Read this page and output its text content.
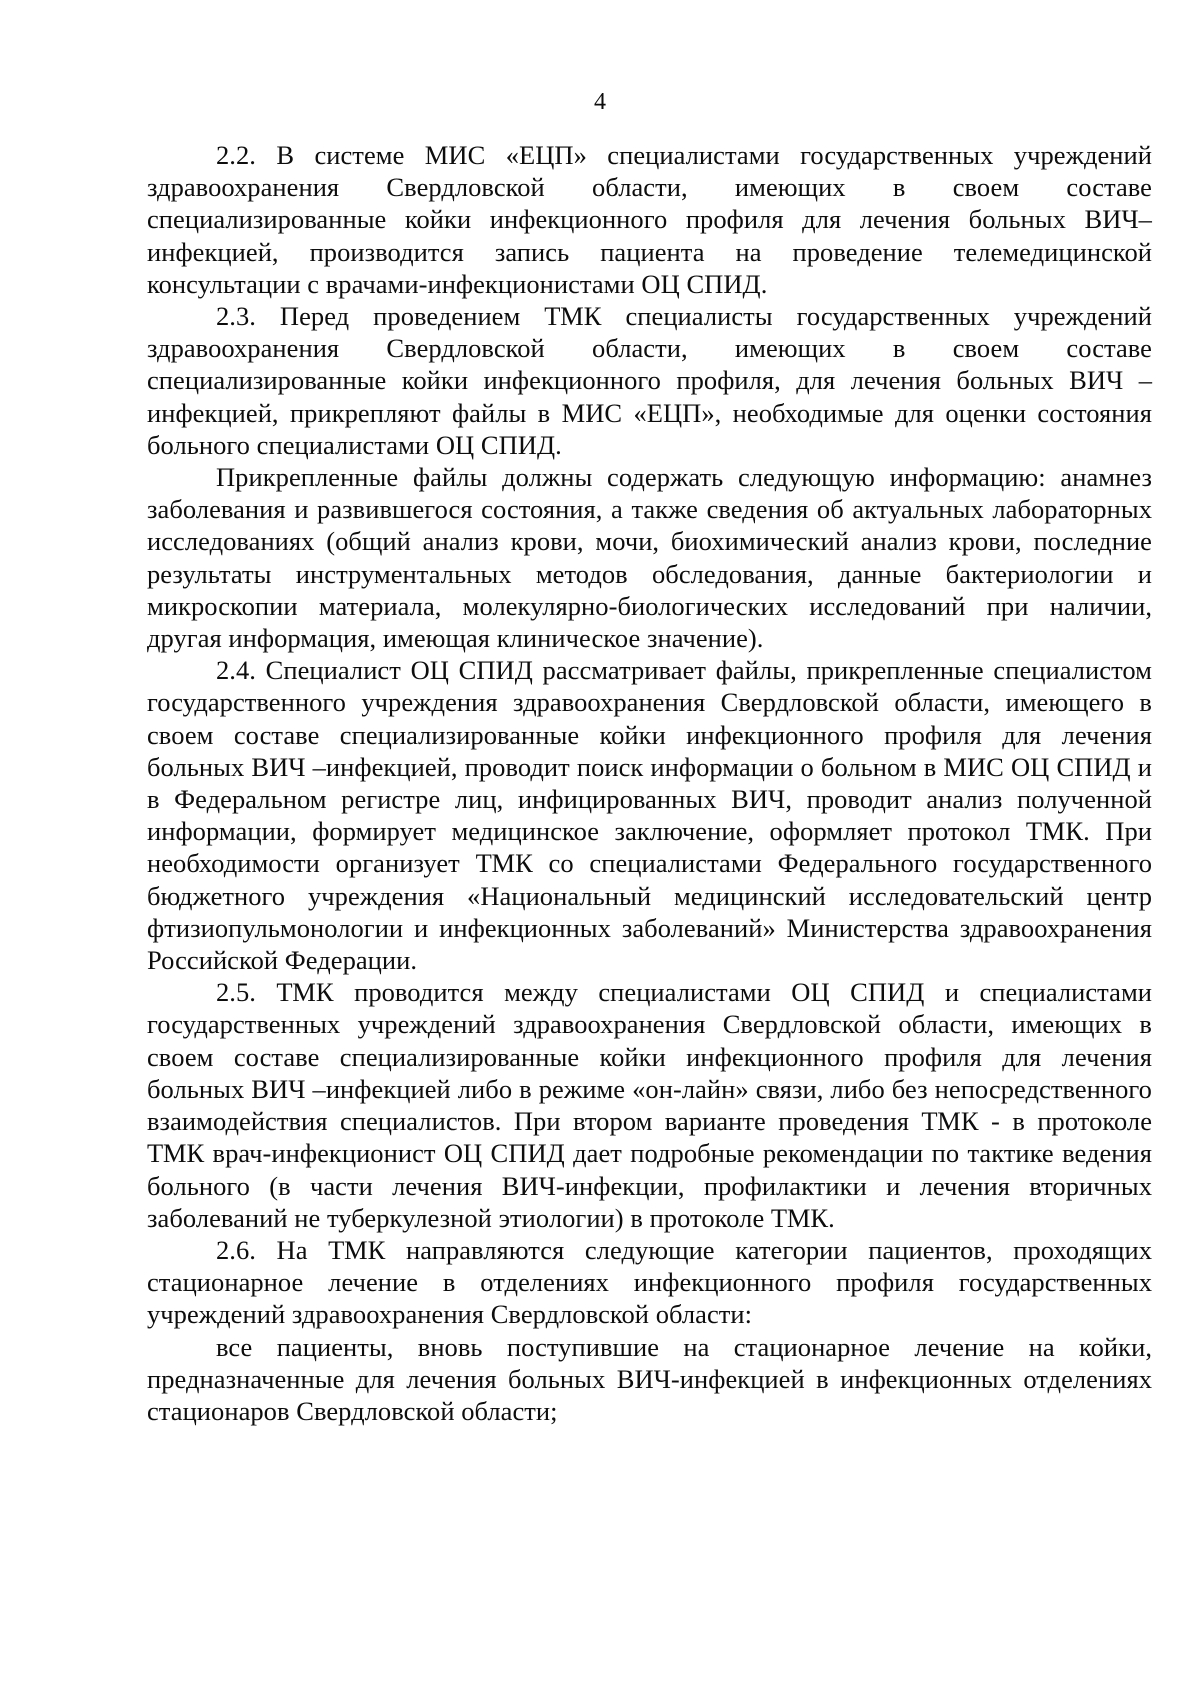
4

2.2. В системе МИС «ЕЦП» специалистами государственных учреждений здравоохранения Свердловской области, имеющих в своем составе специализированные койки инфекционного профиля для лечения больных ВИЧ–инфекцией, производится запись пациента на проведение телемедицинской консультации с врачами-инфекционистами ОЦ СПИД.

2.3. Перед проведением ТМК специалисты государственных учреждений здравоохранения Свердловской области, имеющих в своем составе специализированные койки инфекционного профиля, для лечения больных ВИЧ –инфекцией, прикрепляют файлы в МИС «ЕЦП», необходимые для оценки состояния больного специалистами ОЦ СПИД.

Прикрепленные файлы должны содержать следующую информацию: анамнез заболевания и развившегося состояния, а также сведения об актуальных лабораторных исследованиях (общий анализ крови, мочи, биохимический анализ крови, последние результаты инструментальных методов обследования, данные бактериологии и микроскопии материала, молекулярно-биологических исследований при наличии, другая информация, имеющая клиническое значение).

2.4. Специалист ОЦ СПИД рассматривает файлы, прикрепленные специалистом государственного учреждения здравоохранения Свердловской области, имеющего в своем составе специализированные койки инфекционного профиля для лечения больных ВИЧ –инфекцией, проводит поиск информации о больном в МИС ОЦ СПИД и в Федеральном регистре лиц, инфицированных ВИЧ, проводит анализ полученной информации, формирует медицинское заключение, оформляет протокол ТМК. При необходимости организует ТМК со специалистами Федерального государственного бюджетного учреждения «Национальный медицинский исследовательский центр фтизиопульмонологии и инфекционных заболеваний» Министерства здравоохранения Российской Федерации.

2.5. ТМК проводится между специалистами ОЦ СПИД и специалистами государственных учреждений здравоохранения Свердловской области, имеющих в своем составе специализированные койки инфекционного профиля для лечения больных ВИЧ –инфекцией либо в режиме «он-лайн» связи, либо без непосредственного взаимодействия специалистов. При втором варианте проведения ТМК - в протоколе ТМК врач-инфекционист ОЦ СПИД дает подробные рекомендации по тактике ведения больного (в части лечения ВИЧ-инфекции, профилактики и лечения вторичных заболеваний не туберкулезной этиологии) в протоколе ТМК.

2.6. На ТМК направляются следующие категории пациентов, проходящих стационарное лечение в отделениях инфекционного профиля государственных учреждений здравоохранения Свердловской области:

все пациенты, вновь поступившие на стационарное лечение на койки, предназначенные для лечения больных ВИЧ-инфекцией в инфекционных отделениях стационаров Свердловской области;
